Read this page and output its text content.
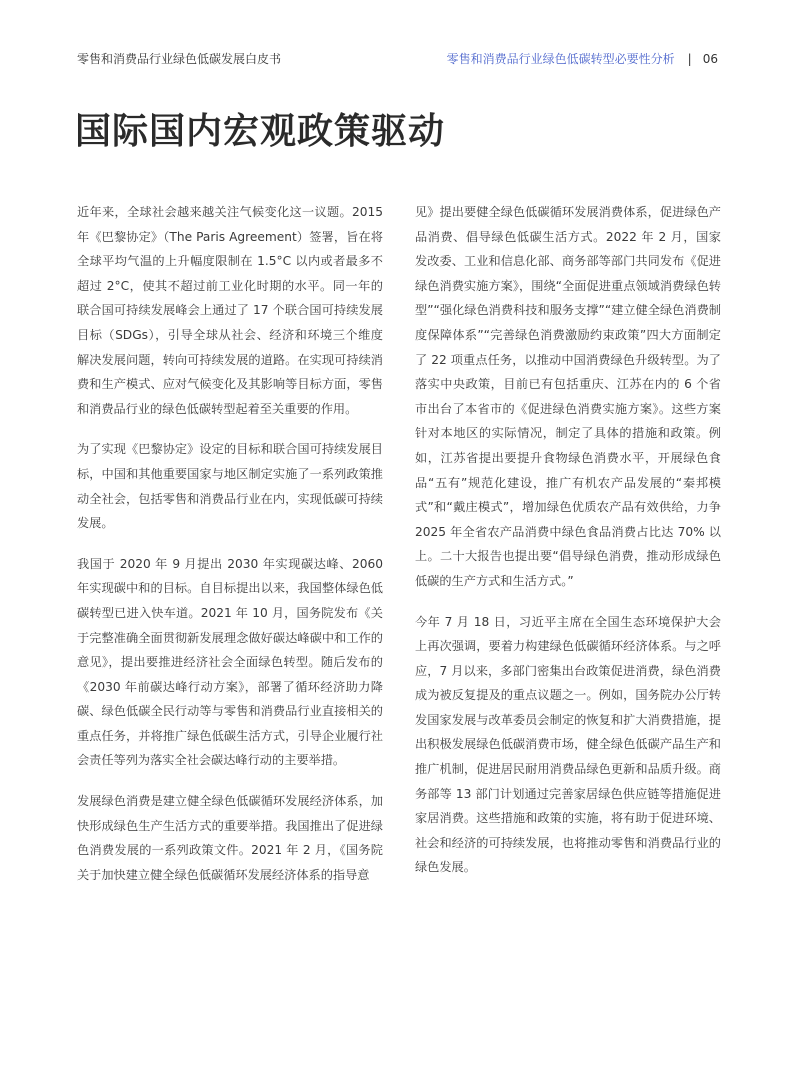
零售和消费品行业绿色低碳发展白皮书	零售和消费品行业绿色低碳转型必要性分析 | 06
国际国内宏观政策驱动

近年来，全球社会越来越关注气候变化这一议题。2015年《巴黎协定》（The Paris Agreement）签署，旨在将全球平均气温的上升幅度限制在 1.5°C 以内或者最多不超过 2°C，使其不超过前工业化时期的水平。同一年的联合国可持续发展峰会上通过了 17 个联合国可持续发展目标（SDGs），引导全球从社会、经济和环境三个维度解决发展问题，转向可持续发展的道路。在实现可持续消费和生产模式、应对气候变化及其影响等目标方面，零售和消费品行业的绿色低碳转型起着至关重要的作用。

为了实现《巴黎协定》设定的目标和联合国可持续发展目标，中国和其他重要国家与地区制定实施了一系列政策推动全社会，包括零售和消费品行业在内，实现低碳可持续发展。

我国于 2020 年 9 月提出 2030 年实现碳达峰、2060 年实现碳中和的目标。自目标提出以来，我国整体绿色低碳转型已进入快车道。2021 年 10 月，国务院发布《关于完整准确全面贯彻新发展理念做好碳达峰碳中和工作的意见》，提出要推进经济社会全面绿色转型。随后发布的《2030 年前碳达峰行动方案》，部署了循环经济助力降碳、绿色低碳全民行动等与零售和消费品行业直接相关的重点任务，并将推广绿色低碳生活方式，引导企业履行社会责任等列为落实全社会碳达峰行动的主要举措。

发展绿色消费是建立健全绿色低碳循环发展经济体系，加快形成绿色生产生活方式的重要举措。我国推出了促进绿色消费发展的一系列政策文件。2021 年 2 月，《国务院关于加快建立健全绿色低碳循环发展经济体系的指导意

见》提出要健全绿色低碳循环发展消费体系，促进绿色产品消费、倡导绿色低碳生活方式。2022 年 2 月，国家发改委、工业和信息化部、商务部等部门共同发布《促进绿色消费实施方案》，围绕“全面促进重点领域消费绿色转型”“强化绿色消费科技和服务支撑”“建立健全绿色消费制度保障体系”“完善绿色消费激励约束政策”四大方面制定了 22 项重点任务，以推动中国消费绿色升级转型。为了落实中央政策，目前已有包括重庆、江苏在内的 6 个省市出台了本省市的《促进绿色消费实施方案》。这些方案针对本地区的实际情况，制定了具体的措施和政策。例如，江苏省提出要提升食物绿色消费水平，开展绿色食品“五有”规范化建设，推广有机农产品发展的“秦邦模式”和“戴庄模式”，增加绿色优质农产品有效供给，力争 2025 年全省农产品消费中绿色食品消费占比达 70% 以上。二十大报告也提出要“倡导绿色消费，推动形成绿色低碳的生产方式和生活方式。”

今年 7 月 18 日，习近平主席在全国生态环境保护大会上再次强调，要着力构建绿色低碳循环经济体系。与之呼应，7 月以来，多部门密集出台政策促进消费，绿色消费成为被反复提及的重点议题之一。例如，国务院办公厅转发国家发展与改革委员会制定的恢复和扩大消费措施，提出积极发展绿色低碳消费市场，健全绿色低碳产品生产和推广机制，促进居民耐用消费品绿色更新和品质升级。商务部等 13 部门计划通过完善家居绿色供应链等措施促进家居消费。这些措施和政策的实施，将有助于促进环境、社会和经济的可持续发展，也将推动零售和消费品行业的绿色发展。
